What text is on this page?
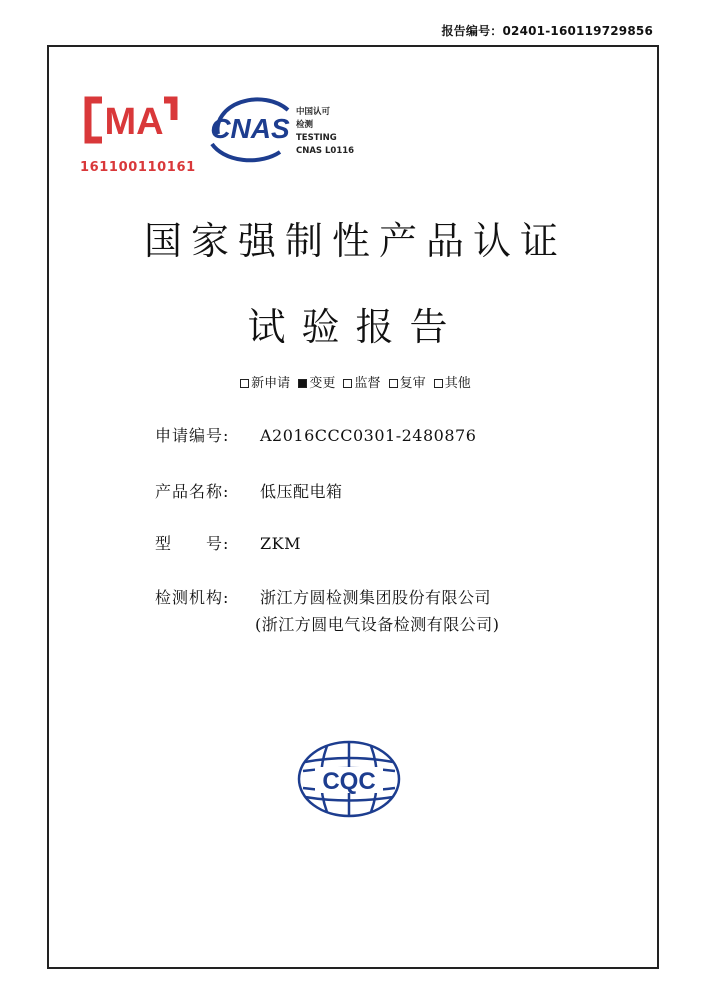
报告编号：02401-160119729856
MA
161100110161
CNAS
中国认可
检测
TESTING
CNAS L0116
国家强制性产品认证
试验报告
新申请 变更 监督 复审 其他
申请编号: A2016CCC0301-2480876
产品名称: 低压配电箱
型　　号: ZKM
检测机构: 浙江方圆检测集团股份有限公司
(浙江方圆电气设备检测有限公司)
CQC
